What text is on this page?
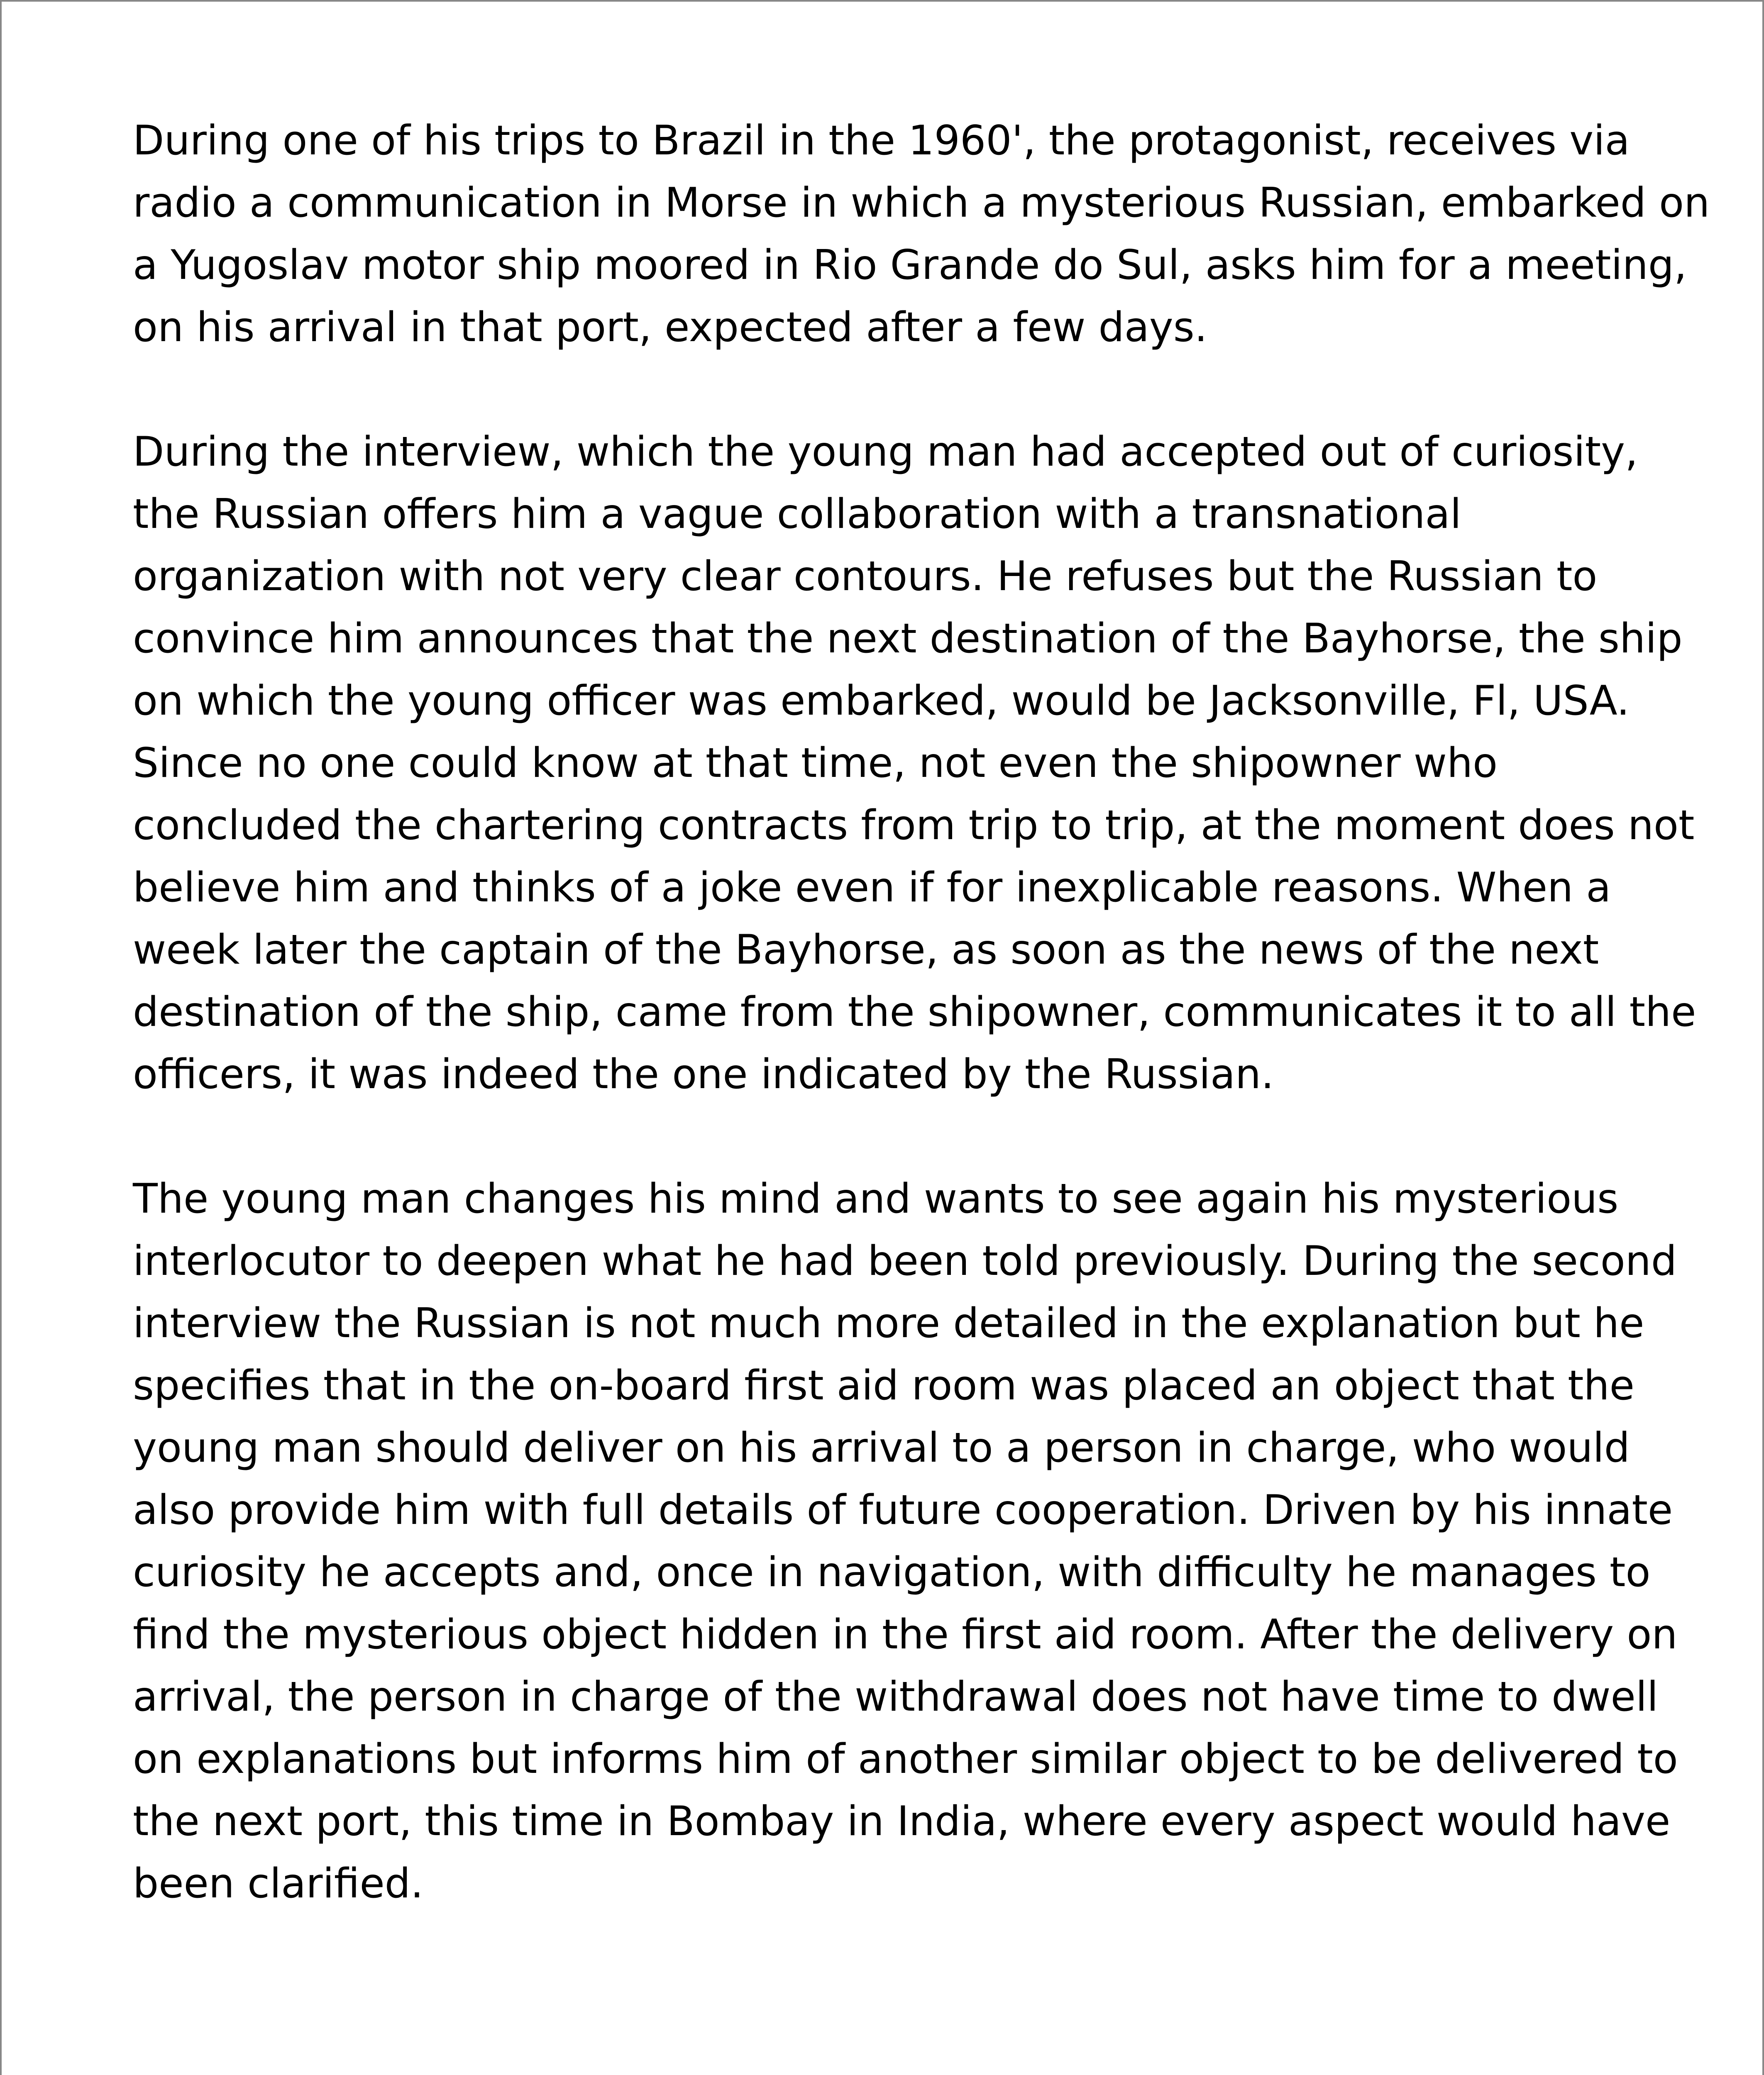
During one of his trips to Brazil in the 1960', the protagonist, receives via radio a communication in Morse in which a mysterious Russian, embarked on a Yugoslav motor ship moored in Rio Grande do Sul, asks him for a meeting, on his arrival in that port, expected after a few days.

During the interview, which the young man had accepted out of curiosity, the Russian offers him a vague collaboration with a transnational organization with not very clear contours. He refuses but the Russian to convince him announces that the next destination of the Bayhorse, the ship on which the young officer was embarked, would be Jacksonville, Fl, USA. Since no one could know at that time, not even the shipowner who concluded the chartering contracts from trip to trip, at the moment does not believe him and thinks of a joke even if for inexplicable reasons. When a week later the captain of the Bayhorse, as soon as the news of the next destination of the ship, came from the shipowner, communicates it to all the officers, it was indeed the one indicated by the Russian.

The young man changes his mind and wants to see again his mysterious interlocutor to deepen what he had been told previously. During the second interview the Russian is not much more detailed in the explanation but he specifies that in the on-board first aid room was placed an object that the young man should deliver on his arrival to a person in charge, who would also provide him with full details of future cooperation. Driven by his innate curiosity he accepts and, once in navigation, with difficulty he manages to find the mysterious object hidden in the first aid room. After the delivery on arrival, the person in charge of the withdrawal does not have time to dwell on explanations but informs him of another similar object to be delivered to the next port, this time in Bombay in India, where every aspect would have been clarified.
